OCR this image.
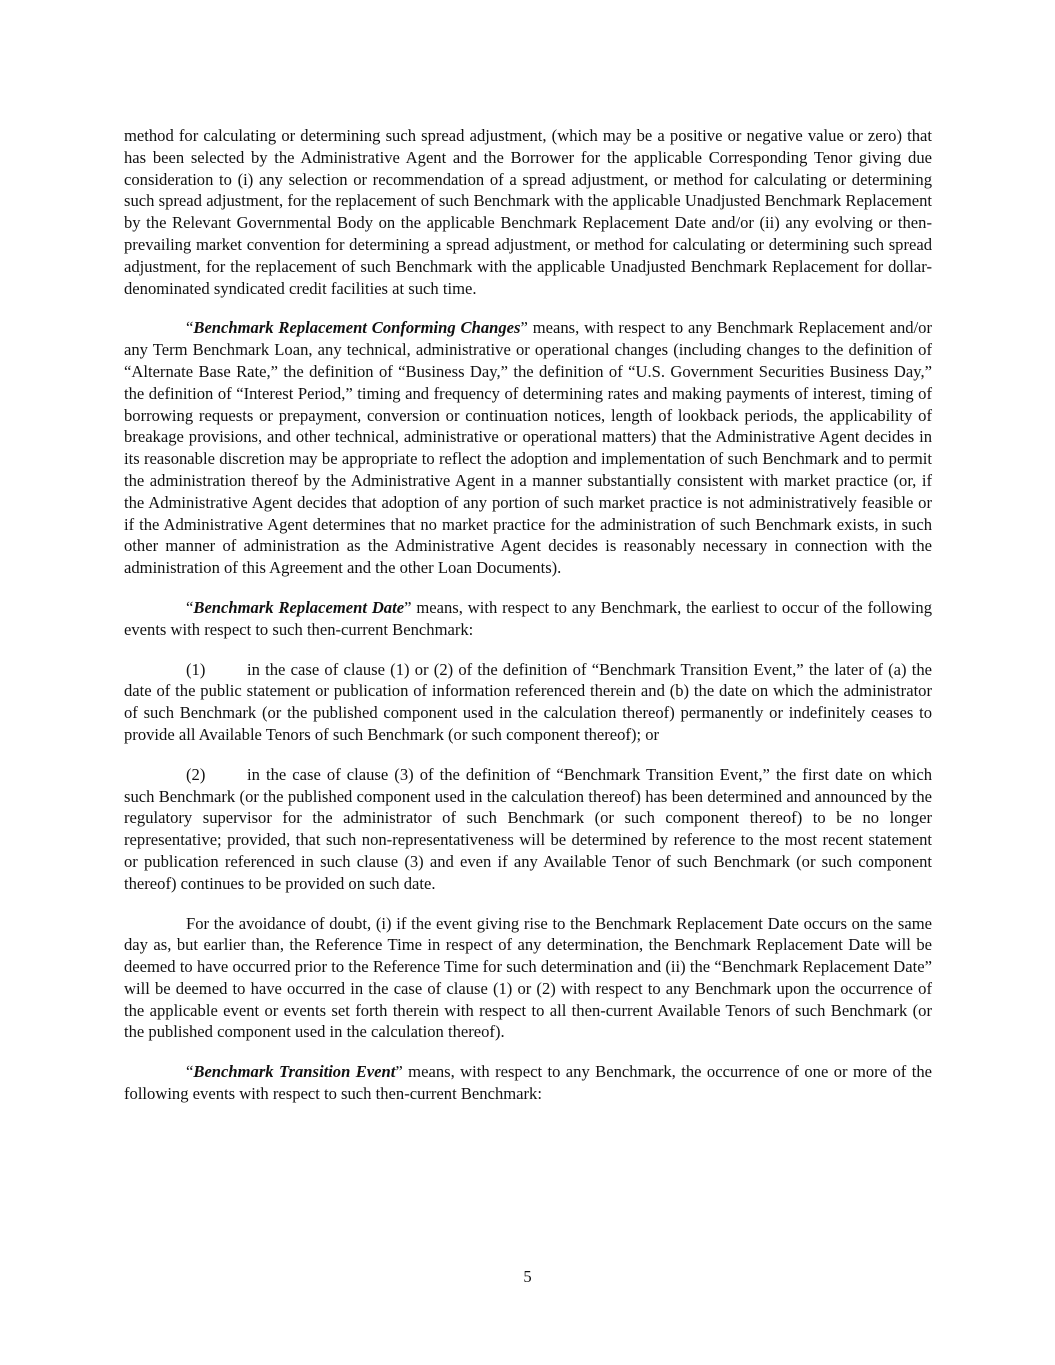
method for calculating or determining such spread adjustment, (which may be a positive or negative value or zero) that has been selected by the Administrative Agent and the Borrower for the applicable Corresponding Tenor giving due consideration to (i) any selection or recommendation of a spread adjustment, or method for calculating or determining such spread adjustment, for the replacement of such Benchmark with the applicable Unadjusted Benchmark Replacement by the Relevant Governmental Body on the applicable Benchmark Replacement Date and/or (ii) any evolving or then-prevailing market convention for determining a spread adjustment, or method for calculating or determining such spread adjustment, for the replacement of such Benchmark with the applicable Unadjusted Benchmark Replacement for dollar-denominated syndicated credit facilities at such time.

“Benchmark Replacement Conforming Changes” means, with respect to any Benchmark Replacement and/or any Term Benchmark Loan, any technical, administrative or operational changes (including changes to the definition of “Alternate Base Rate,” the definition of “Business Day,” the definition of “U.S. Government Securities Business Day,” the definition of “Interest Period,” timing and frequency of determining rates and making payments of interest, timing of borrowing requests or prepayment, conversion or continuation notices, length of lookback periods, the applicability of breakage provisions, and other technical, administrative or operational matters) that the Administrative Agent decides in its reasonable discretion may be appropriate to reflect the adoption and implementation of such Benchmark and to permit the administration thereof by the Administrative Agent in a manner substantially consistent with market practice (or, if the Administrative Agent decides that adoption of any portion of such market practice is not administratively feasible or if the Administrative Agent determines that no market practice for the administration of such Benchmark exists, in such other manner of administration as the Administrative Agent decides is reasonably necessary in connection with the administration of this Agreement and the other Loan Documents).

“Benchmark Replacement Date” means, with respect to any Benchmark, the earliest to occur of the following events with respect to such then-current Benchmark:

(1)	in the case of clause (1) or (2) of the definition of “Benchmark Transition Event,” the later of (a) the date of the public statement or publication of information referenced therein and (b) the date on which the administrator of such Benchmark (or the published component used in the calculation thereof) permanently or indefinitely ceases to provide all Available Tenors of such Benchmark (or such component thereof); or

(2)	in the case of clause (3) of the definition of “Benchmark Transition Event,” the first date on which such Benchmark (or the published component used in the calculation thereof) has been determined and announced by the regulatory supervisor for the administrator of such Benchmark (or such component thereof) to be no longer representative; provided, that such non-representativeness will be determined by reference to the most recent statement or publication referenced in such clause (3) and even if any Available Tenor of such Benchmark (or such component thereof) continues to be provided on such date.

For the avoidance of doubt, (i) if the event giving rise to the Benchmark Replacement Date occurs on the same day as, but earlier than, the Reference Time in respect of any determination, the Benchmark Replacement Date will be deemed to have occurred prior to the Reference Time for such determination and (ii) the “Benchmark Replacement Date” will be deemed to have occurred in the case of clause (1) or (2) with respect to any Benchmark upon the occurrence of the applicable event or events set forth therein with respect to all then-current Available Tenors of such Benchmark (or the published component used in the calculation thereof).

“Benchmark Transition Event” means, with respect to any Benchmark, the occurrence of one or more of the following events with respect to such then-current Benchmark:

5
